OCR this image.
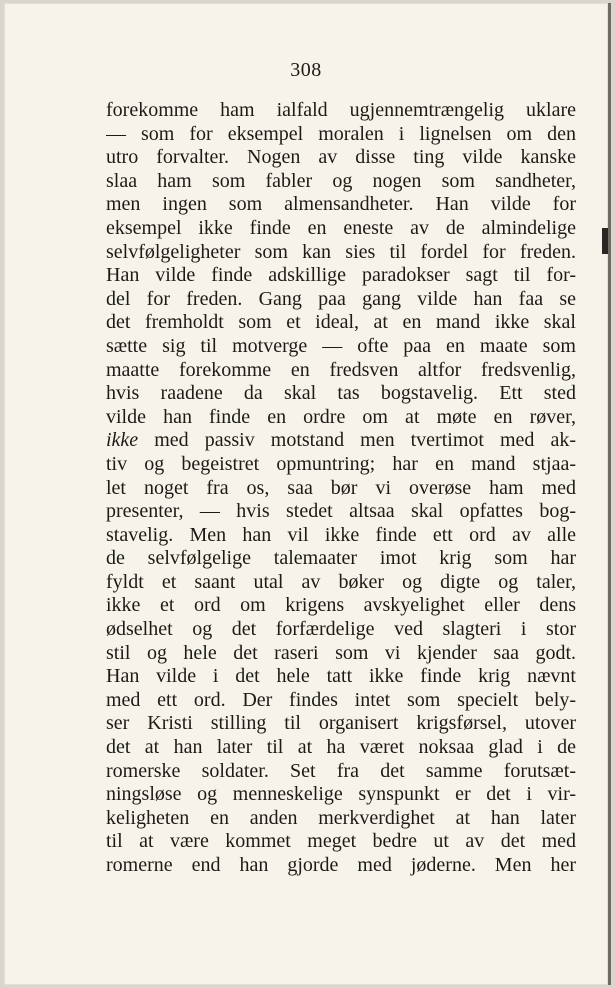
308
forekomme ham ialfald ugjennemtrængelig uklare
— som for eksempel moralen i lignelsen om den
utro forvalter. Nogen av disse ting vilde kanske
slaa ham som fabler og nogen som sandheter,
men ingen som almensandheter. Han vilde for
eksempel ikke finde en eneste av de almindelige
selvfølgeligheter som kan sies til fordel for freden.
Han vilde finde adskillige paradokser sagt til for-
del for freden. Gang paa gang vilde han faa se
det fremholdt som et ideal, at en mand ikke skal
sætte sig til motverge — ofte paa en maate som
maatte forekomme en fredsven altfor fredsvenlig,
hvis raadene da skal tas bogstavelig. Ett sted
vilde han finde en ordre om at møte en røver,
ikke med passiv motstand men tvertimot med ak-
tiv og begeistret opmuntring; har en mand stjaa-
let noget fra os, saa bør vi overøse ham med
presenter, — hvis stedet altsaa skal opfattes bog-
stavelig. Men han vil ikke finde ett ord av alle
de selvfølgelige talemaater imot krig som har
fyldt et saant utal av bøker og digte og taler,
ikke et ord om krigens avskyelighet eller dens
ødselhet og det forfærdelige ved slagteri i stor
stil og hele det raseri som vi kjender saa godt.
Han vilde i det hele tatt ikke finde krig nævnt
med ett ord. Der findes intet som specielt bely-
ser Kristi stilling til organisert krigsførsel, utover
det at han later til at ha været noksaa glad i de
romerske soldater. Set fra det samme forutsæt-
ningsløse og menneskelige synspunkt er det i vir-
keligheten en anden merkverdighet at han later
til at være kommet meget bedre ut av det med
romerne end han gjorde med jøderne. Men her
